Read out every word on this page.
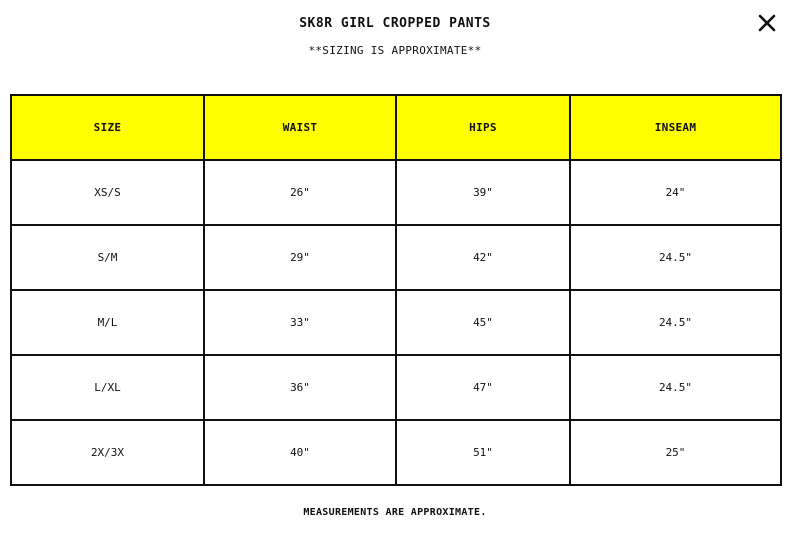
SK8R GIRL CROPPED PANTS
**SIZING IS APPROXIMATE**
SIZE	WAIST	HIPS	INSEAM
XS/S	26"	39"	24"
S/M	29"	42"	24.5"
M/L	33"	45"	24.5"
L/XL	36"	47"	24.5"
2X/3X	40"	51"	25"
MEASUREMENTS ARE APPROXIMATE.
